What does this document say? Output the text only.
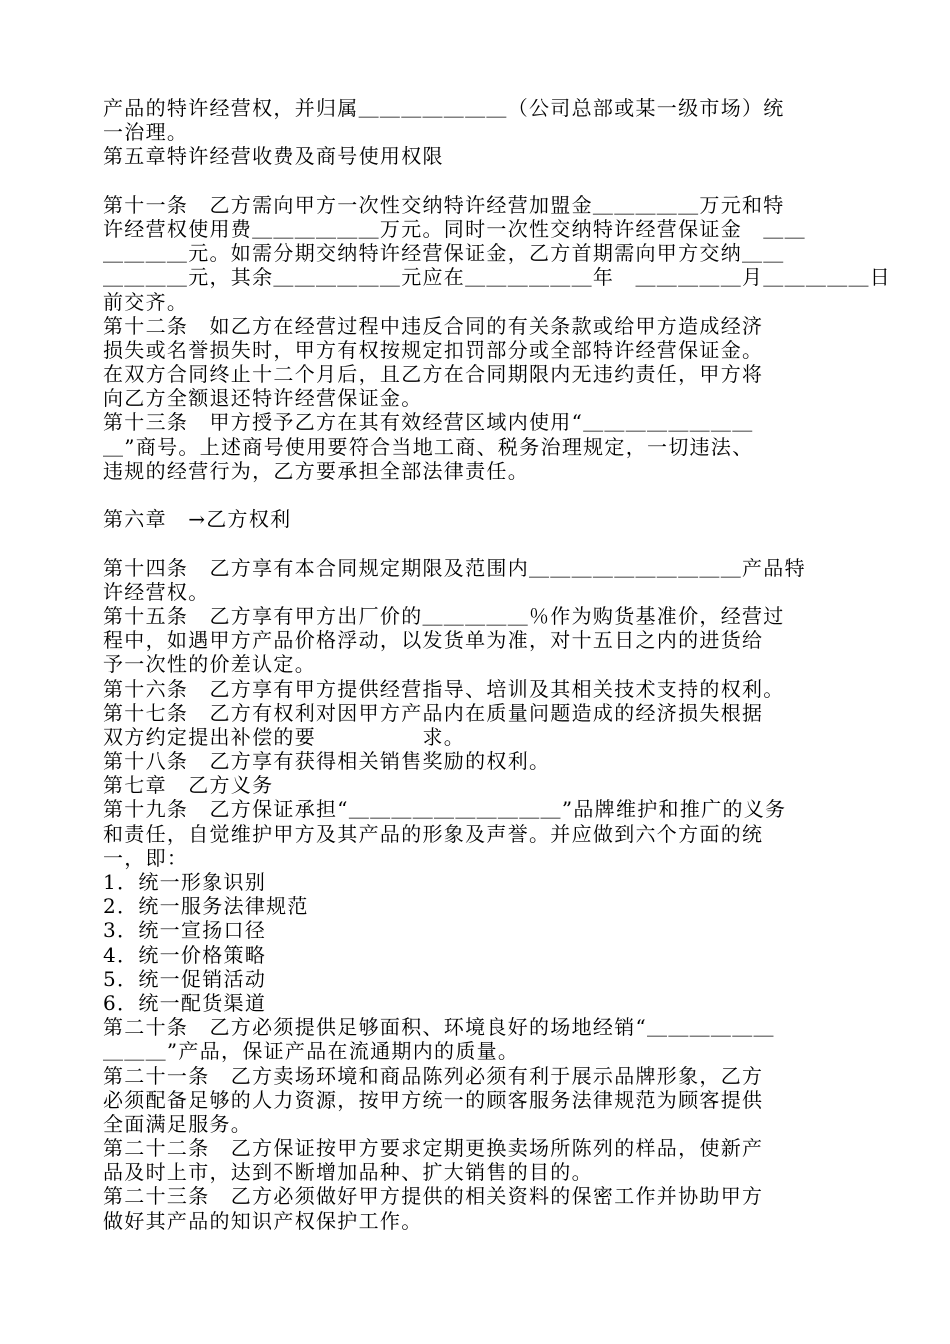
产品的特许经营权，并归属＿＿＿＿＿＿＿（公司总部或某一级市场）统
一治理。
第五章特许经营收费及商号使用权限
第十一条　乙方需向甲方一次性交纳特许经营加盟金＿＿＿＿＿万元和特
许经营权使用费＿＿＿＿＿＿万元。同时一次性交纳特许经营保证金　＿＿
＿＿＿＿元。如需分期交纳特许经营保证金，乙方首期需向甲方交纳＿＿
＿＿＿＿元，其余＿＿＿＿＿＿元应在＿＿＿＿＿＿年　＿＿＿＿＿月＿＿＿＿＿日
前交齐。
第十二条　如乙方在经营过程中违反合同的有关条款或给甲方造成经济
损失或名誉损失时，甲方有权按规定扣罚部分或全部特许经营保证金。
在双方合同终止十二个月后，且乙方在合同期限内无违约责任，甲方将
向乙方全额退还特许经营保证金。
第十三条　甲方授予乙方在其有效经营区域内使用“＿＿＿＿＿＿＿＿
＿”商号。上述商号使用要符合当地工商、税务治理规定，一切违法、
违规的经营行为，乙方要承担全部法律责任。
第六章　→乙方权利
第十四条　乙方享有本合同规定期限及范围内＿＿＿＿＿＿＿＿＿＿产品特
许经营权。
第十五条　乙方享有甲方出厂价的＿＿＿＿＿％作为购货基准价，经营过
程中，如遇甲方产品价格浮动，以发货单为准，对十五日之内的进货给
予一次性的价差认定。
第十六条　乙方享有甲方提供经营指导、培训及其相关技术支持的权利。
第十七条　乙方有权利对因甲方产品内在质量问题造成的经济损失根据
双方约定提出补偿的要　　　　　求。
第十八条　乙方享有获得相关销售奖励的权利。
第七章　乙方义务
第十九条　乙方保证承担“＿＿＿＿＿＿＿＿＿＿”品牌维护和推广的义务
和责任，自觉维护甲方及其产品的形象及声誉。并应做到六个方面的统
一，即：
1．统一形象识别
2．统一服务法律规范
3．统一宣扬口径
4．统一价格策略
5．统一促销活动
6．统一配货渠道
第二十条　乙方必须提供足够面积、环境良好的场地经销“＿＿＿＿＿＿
＿＿＿”产品，保证产品在流通期内的质量。
第二十一条　乙方卖场环境和商品陈列必须有利于展示品牌形象，乙方
必须配备足够的人力资源，按甲方统一的顾客服务法律规范为顾客提供
全面满足服务。
第二十二条　乙方保证按甲方要求定期更换卖场所陈列的样品，使新产
品及时上市，达到不断增加品种、扩大销售的目的。
第二十三条　乙方必须做好甲方提供的相关资料的保密工作并协助甲方
做好其产品的知识产权保护工作。
